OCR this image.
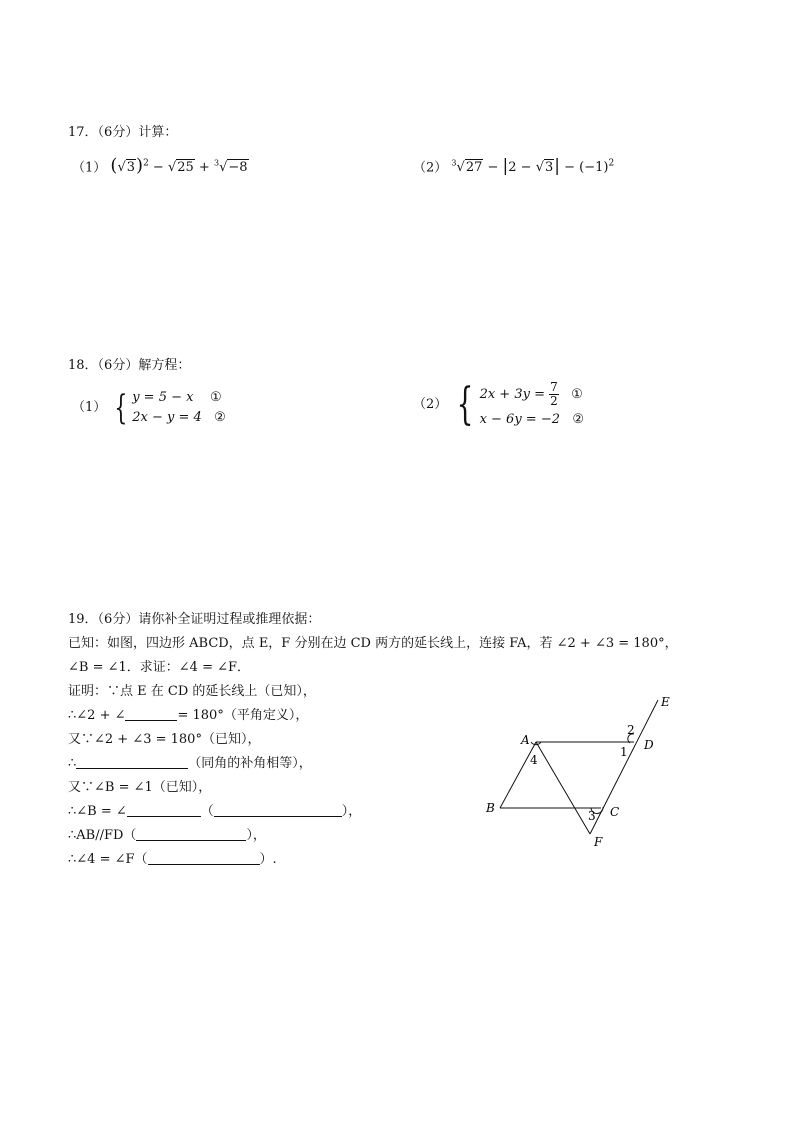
17．（6分）计算：
（1） $(√3)^2 - √25 + ^3√-8$	（2） $^3√27 - |2 - √3| - (-1)^2$
18．（6分）解方程：
（1） { y = 5 − x ①
2x − y = 4 ②
（2） { $2x + 3y = \frac{7}{2}$ ①
x − 6y = −2 ②
19．（6分）请你补全证明过程或推理依据：
已知：如图，四边形 ABCD，点 E，F 分别在边 CD 两方的延长线上，连接 FA，若 ∠2 + ∠3 = 180°，
∠B = ∠1．求证：∠4 = ∠F．
证明：∵点 E 在 CD 的延长线上（已知），
∴∠2 + ∠	= 180°（平角定义），
又∵∠2 + ∠3 = 180°（已知），
∴	（同角的补角相等），
又∵∠B = ∠1（已知），
∴∠B = ∠	（	），
∴AB//FD（	），
∴∠4 = ∠F（	）.
A
B	C
D
E
F
1
2
3
4
